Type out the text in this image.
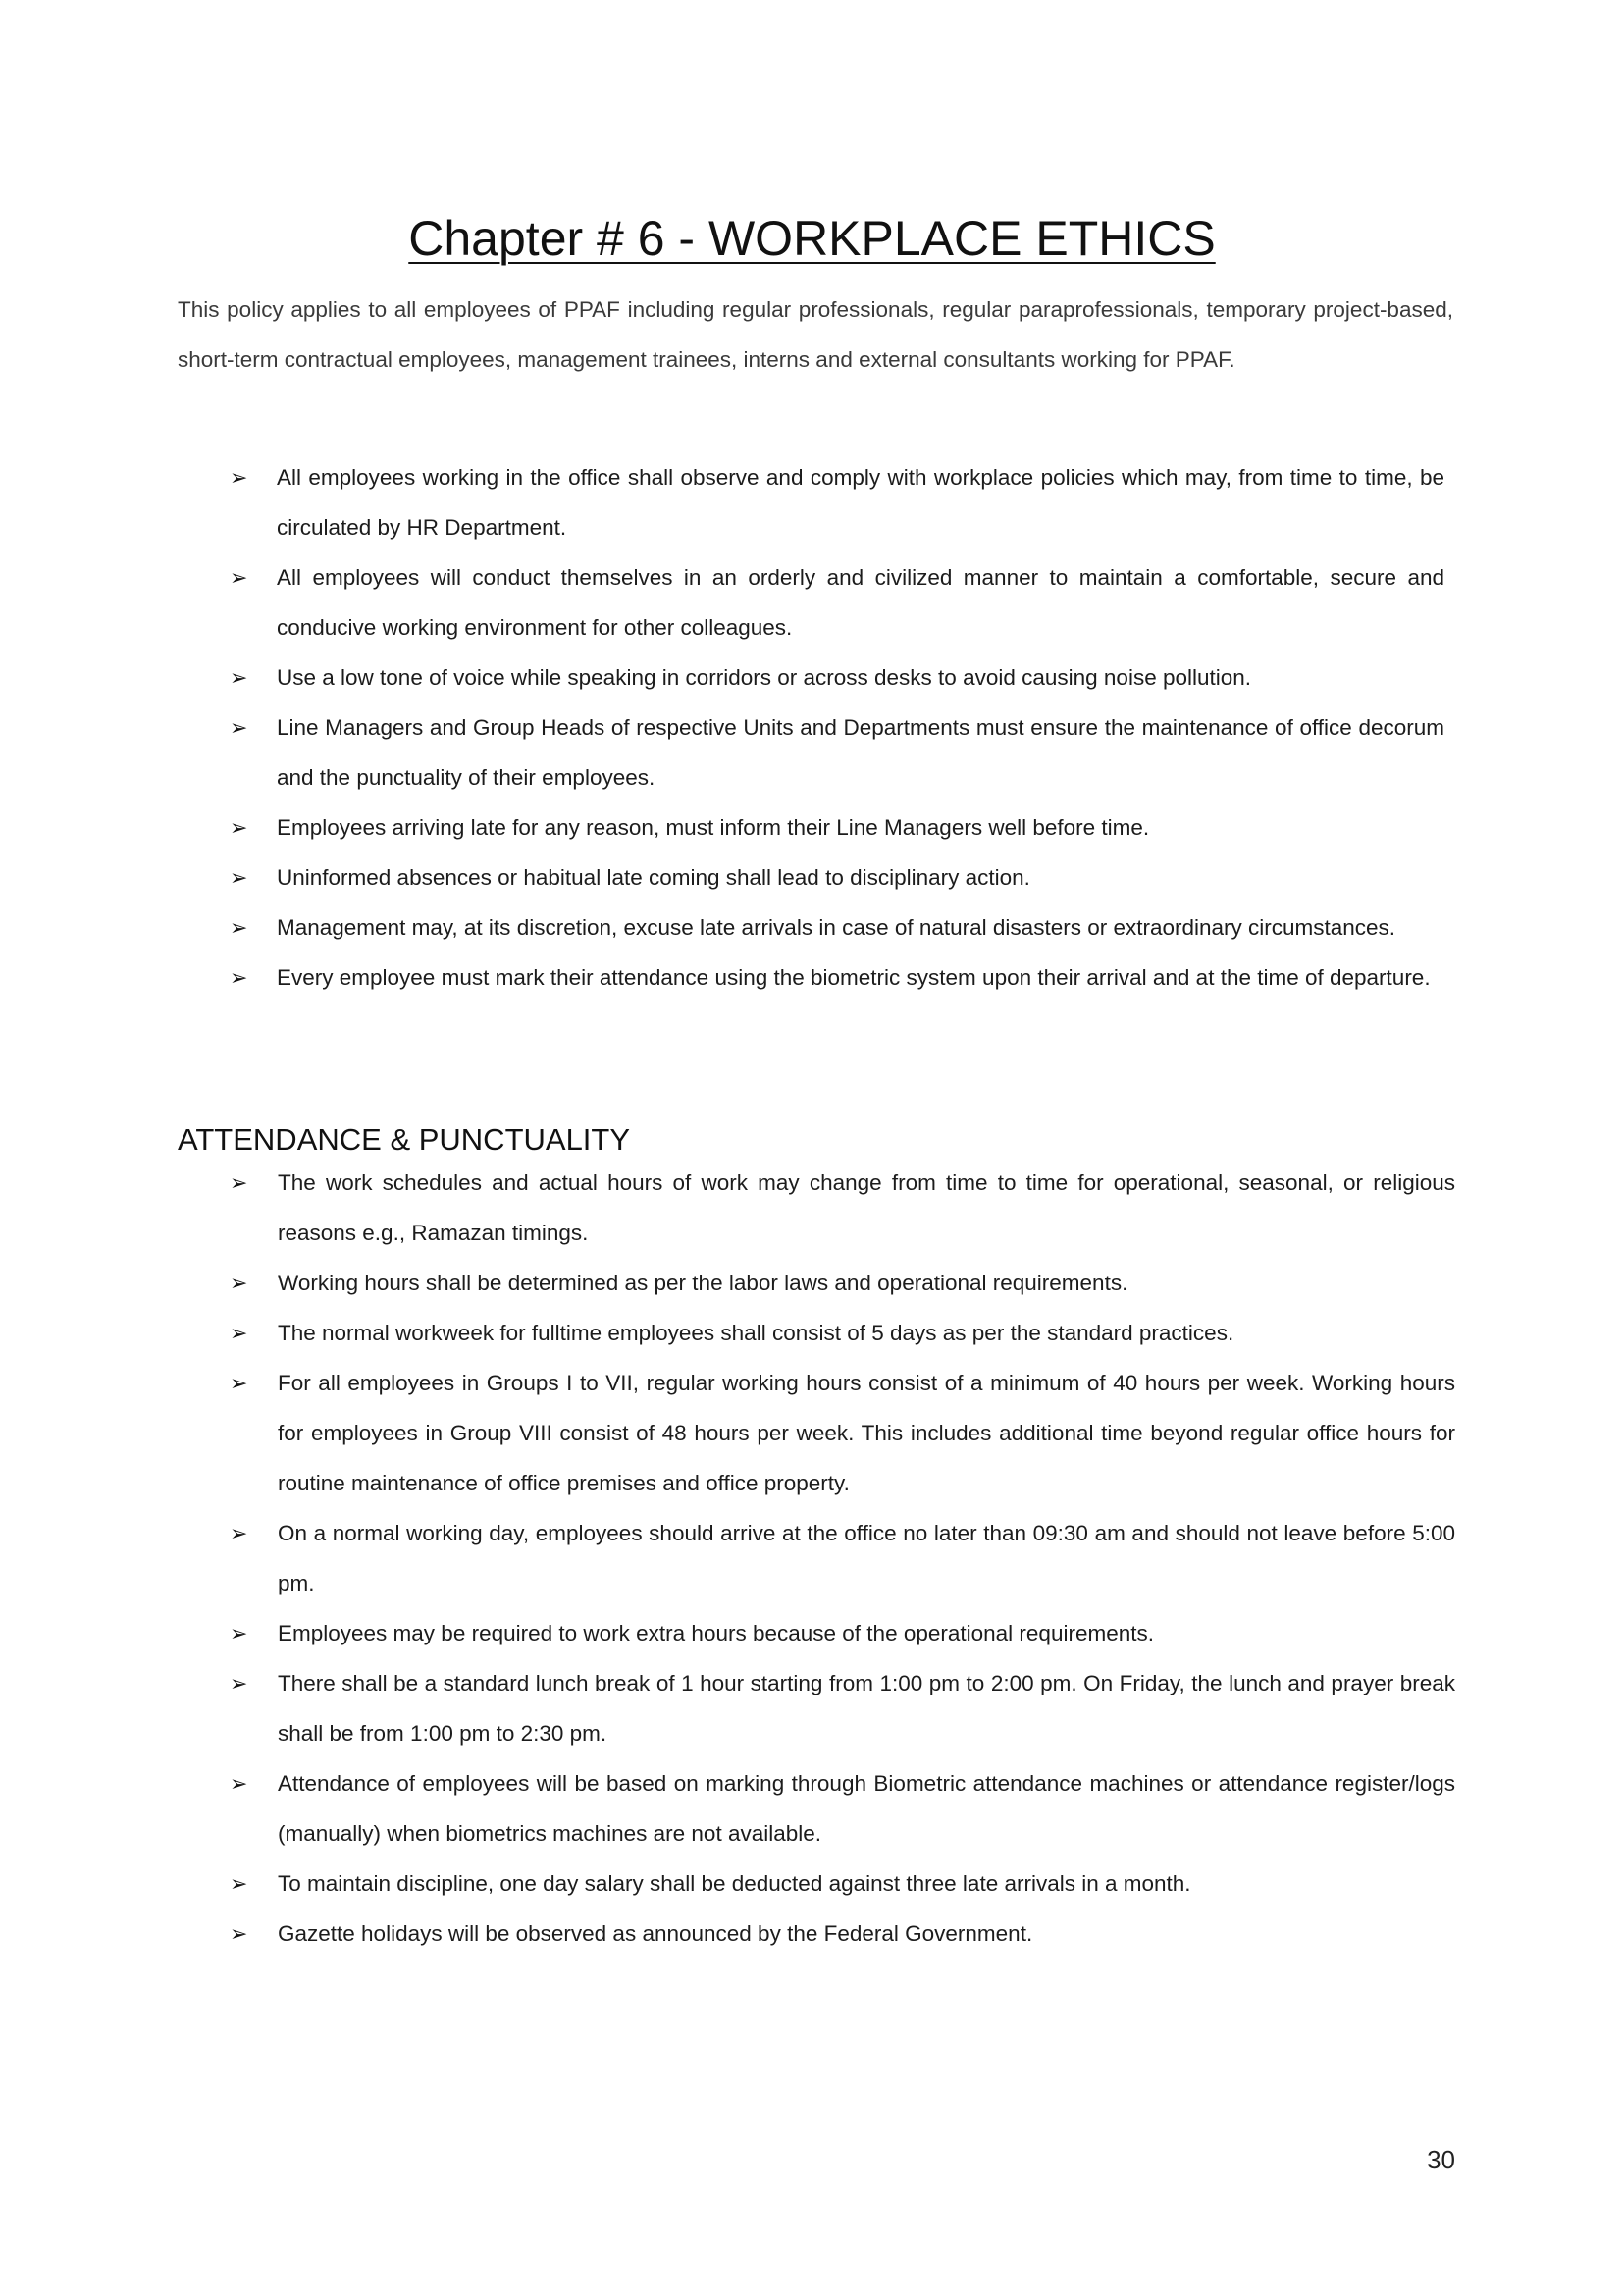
Chapter # 6 - WORKPLACE ETHICS

This policy applies to all employees of PPAF including regular professionals, regular paraprofessionals, temporary project-based, short-term contractual employees, management trainees, interns and external consultants working for PPAF.

➢ All employees working in the office shall observe and comply with workplace policies which may, from time to time, be circulated by HR Department.
➢ All employees will conduct themselves in an orderly and civilized manner to maintain a comfortable, secure and conducive working environment for other colleagues.
➢ Use a low tone of voice while speaking in corridors or across desks to avoid causing noise pollution.
➢ Line Managers and Group Heads of respective Units and Departments must ensure the maintenance of office decorum and the punctuality of their employees.
➢ Employees arriving late for any reason, must inform their Line Managers well before time.
➢ Uninformed absences or habitual late coming shall lead to disciplinary action.
➢ Management may, at its discretion, excuse late arrivals in case of natural disasters or extraordinary circumstances.
➢ Every employee must mark their attendance using the biometric system upon their arrival and at the time of departure.
ATTENDANCE & PUNCTUALITY
➢ The work schedules and actual hours of work may change from time to time for operational, seasonal, or religious reasons e.g., Ramazan timings.
➢ Working hours shall be determined as per the labor laws and operational requirements.
➢ The normal workweek for fulltime employees shall consist of 5 days as per the standard practices.
➢ For all employees in Groups I to VII, regular working hours consist of a minimum of 40 hours per week. Working hours for employees in Group VIII consist of 48 hours per week. This includes additional time beyond regular office hours for routine maintenance of office premises and office property.
➢ On a normal working day, employees should arrive at the office no later than 09:30 am and should not leave before 5:00 pm.
➢ Employees may be required to work extra hours because of the operational requirements.
➢ There shall be a standard lunch break of 1 hour starting from 1:00 pm to 2:00 pm. On Friday, the lunch and prayer break shall be from 1:00 pm to 2:30 pm.
➢ Attendance of employees will be based on marking through Biometric attendance machines or attendance register/logs (manually) when biometrics machines are not available.
➢ To maintain discipline, one day salary shall be deducted against three late arrivals in a month.
➢ Gazette holidays will be observed as announced by the Federal Government.

30
